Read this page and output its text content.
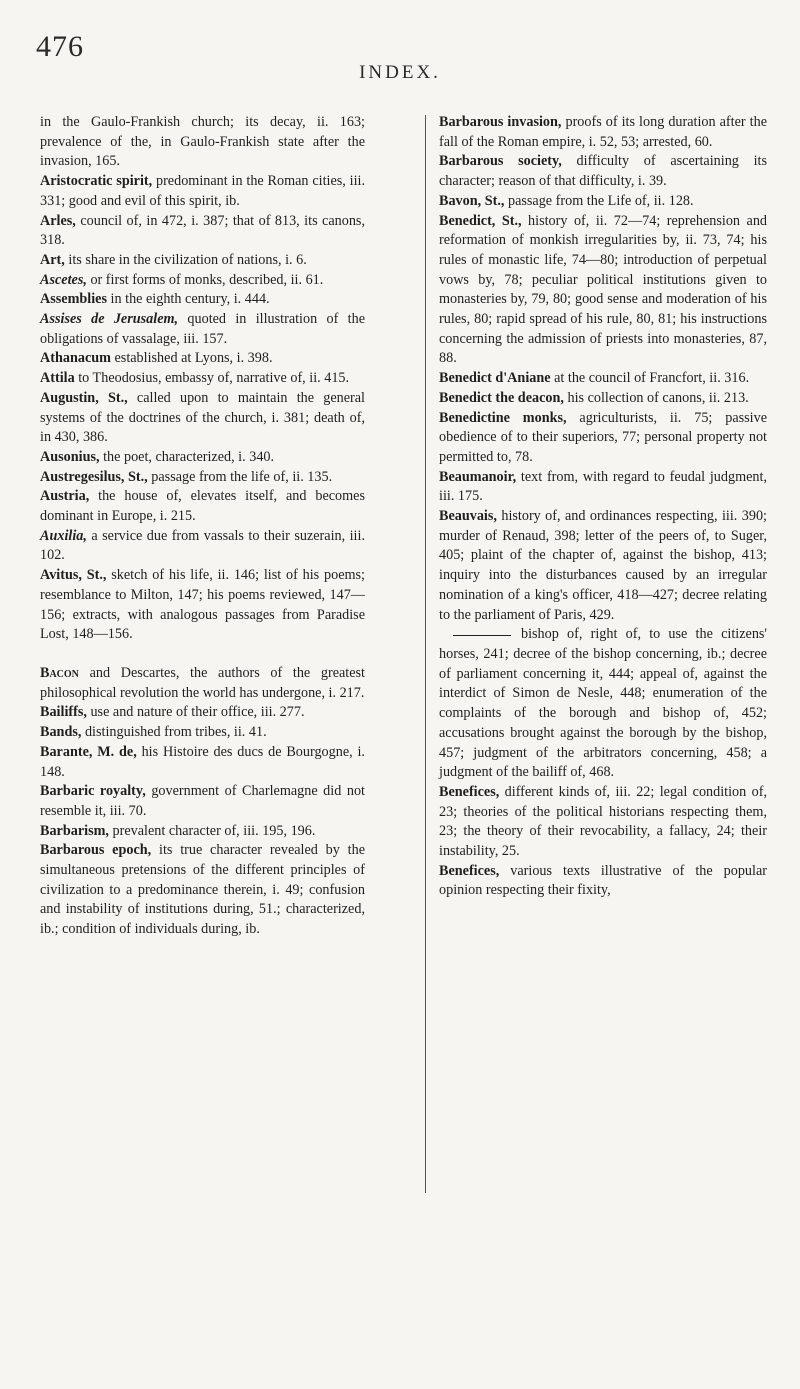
476
INDEX.

in the Gaulo-Frankish church; its decay, ii. 163; prevalence of the, in Gaulo-Frankish state after the invasion, 165.

Aristocratic spirit, predominant in the Roman cities, iii. 331; good and evil of this spirit, ib.

Arles, council of, in 472, i. 387; that of 813, its canons, 318.

Art, its share in the civilization of nations, i. 6.

Ascetes, or first forms of monks, described, ii. 61.

Assemblies in the eighth century, i. 444.

Assises de Jerusalem, quoted in illustration of the obligations of vassalage, iii. 157.

Athanacum established at Lyons, i. 398.

Attila to Theodosius, embassy of, narrative of, ii. 415.

Augustin, St., called upon to maintain the general systems of the doctrines of the church, i. 381; death of, in 430, 386.

Ausonius, the poet, characterized, i. 340.

Austregesilus, St., passage from the life of, ii. 135.

Austria, the house of, elevates itself, and becomes dominant in Europe, i. 215.

Auxilia, a service due from vassals to their suzerain, iii. 102.

Avitus, St., sketch of his life, ii. 146; list of his poems; resemblance to Milton, 147; his poems reviewed, 147—156; extracts, with analogous passages from Paradise Lost, 148—156.

Bacon and Descartes, the authors of the greatest philosophical revolution the world has undergone, i. 217.

Bailiffs, use and nature of their office, iii. 277.

Bands, distinguished from tribes, ii. 41.

Barante, M. de, his Histoire des ducs de Bourgogne, i. 148.

Barbaric royalty, government of Charlemagne did not resemble it, iii. 70.

Barbarism, prevalent character of, iii. 195, 196.

Barbarous epoch, its true character revealed by the simultaneous pretensions of the different principles of civilization to a predominance therein, i. 49; confusion and instability of institutions during, 51.; characterized, ib.; condition of individuals during, ib.

Barbarous invasion, proofs of its long duration after the fall of the Roman empire, i. 52, 53; arrested, 60.

Barbarous society, difficulty of ascertaining its character; reason of that difficulty, i. 39.

Bavon, St., passage from the Life of, ii. 128.

Benedict, St., history of, ii. 72—74; reprehension and reformation of monkish irregularities by, ii. 73, 74; his rules of monastic life, 74—80; introduction of perpetual vows by, 78; peculiar political institutions given to monasteries by, 79, 80; good sense and moderation of his rules, 80; rapid spread of his rule, 80, 81; his instructions concerning the admission of priests into monasteries, 87, 88.

Benedict d'Aniane at the council of Francfort, ii. 316.

Benedict the deacon, his collection of canons, ii. 213.

Benedictine monks, agriculturists, ii. 75; passive obedience of to their superiors, 77; personal property not permitted to, 78.

Beaumanoir, text from, with regard to feudal judgment, iii. 175.

Beauvais, history of, and ordinances respecting, iii. 390; murder of Renaud, 398; letter of the peers of, to Suger, 405; plaint of the chapter of, against the bishop, 413; inquiry into the disturbances caused by an irregular nomination of a king's officer, 418—427; decree relating to the parliament of Paris, 429.

bishop of, right of, to use the citizens' horses, 241; decree of the bishop concerning, ib.; decree of parliament concerning it, 444; appeal of, against the interdict of Simon de Nesle, 448; enumeration of the complaints of the borough and bishop of, 452; accusations brought against the borough by the bishop, 457; judgment of the arbitrators concerning, 458; a judgment of the bailiff of, 468.

Benefices, different kinds of, iii. 22; legal condition of, 23; theories of the political historians respecting them, 23; the theory of their revocability, a fallacy, 24; their instability, 25.

Benefices, various texts illustrative of the popular opinion respecting their fixity,
